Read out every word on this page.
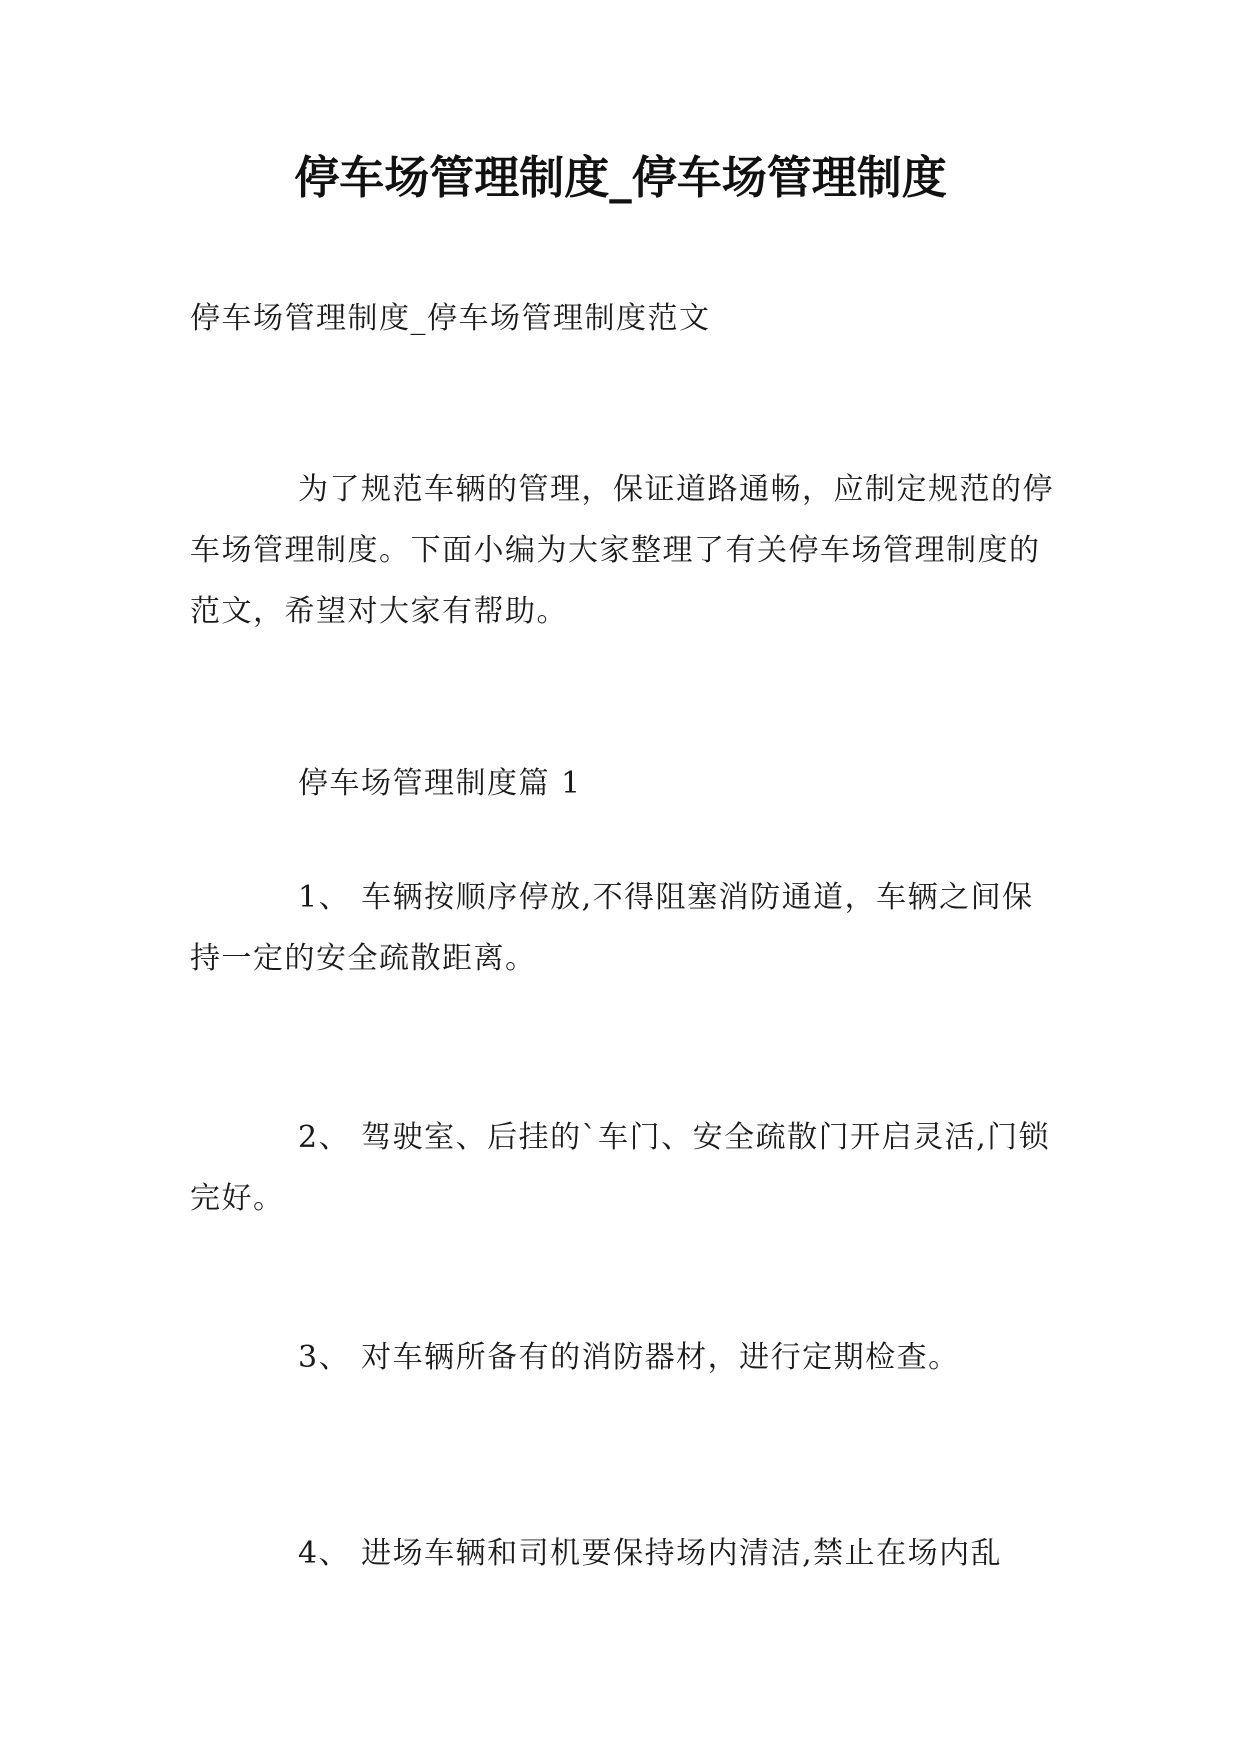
停车场管理制度_停车场管理制度
停车场管理制度_停车场管理制度范文
为了规范车辆的管理，保证道路通畅，应制定规范的停车场管理制度。下面小编为大家整理了有关停车场管理制度的范文，希望对大家有帮助。
停车场管理制度篇 1
1、 车辆按顺序停放,不得阻塞消防通道，车辆之间保持一定的安全疏散距离。
2、 驾驶室、后挂的`车门、安全疏散门开启灵活,门锁完好。
3、 对车辆所备有的消防器材，进行定期检查。
4、 进场车辆和司机要保持场内清洁,禁止在场内乱
